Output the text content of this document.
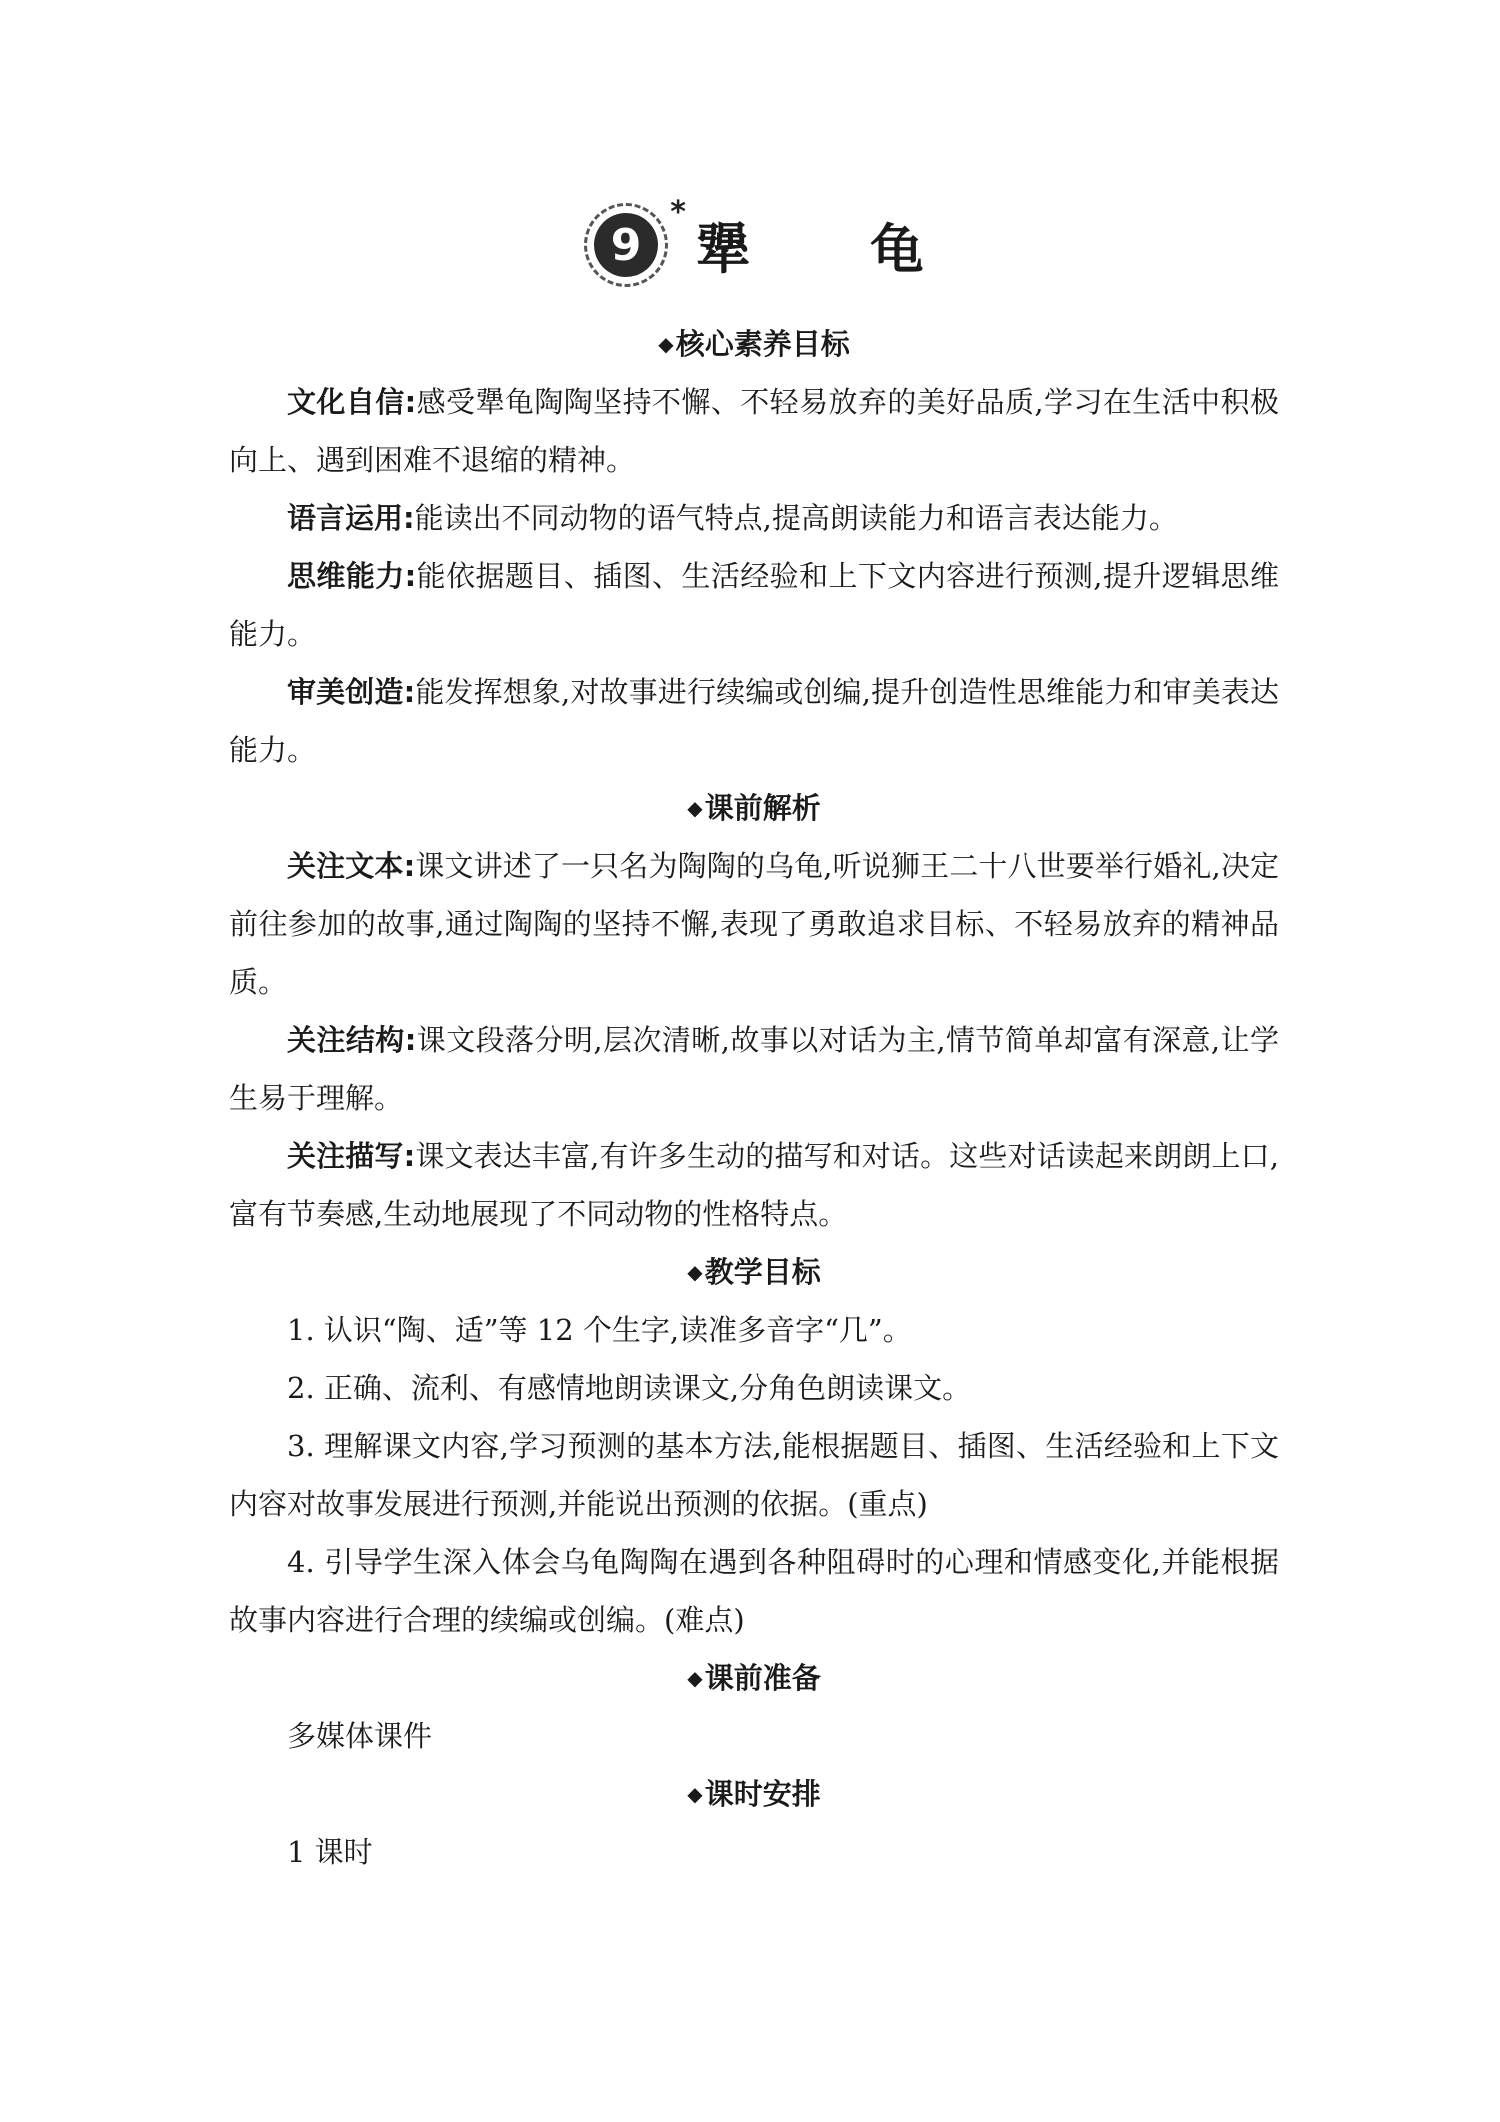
9
*
犟龟
◆核心素养目标

文化自信:感受犟龟陶陶坚持不懈、不轻易放弃的美好品质,学习在生活中积极向上、遇到困难不退缩的精神。

语言运用:能读出不同动物的语气特点,提高朗读能力和语言表达能力。

思维能力:能依据题目、插图、生活经验和上下文内容进行预测,提升逻辑思维能力。

审美创造:能发挥想象,对故事进行续编或创编,提升创造性思维能力和审美表达能力。

◆课前解析

关注文本:课文讲述了一只名为陶陶的乌龟,听说狮王二十八世要举行婚礼,决定前往参加的故事,通过陶陶的坚持不懈,表现了勇敢追求目标、不轻易放弃的精神品质。

关注结构:课文段落分明,层次清晰,故事以对话为主,情节简单却富有深意,让学生易于理解。

关注描写:课文表达丰富,有许多生动的描写和对话。这些对话读起来朗朗上口,富有节奏感,生动地展现了不同动物的性格特点。

◆教学目标

1. 认识“陶、适”等 12 个生字,读准多音字“几”。

2. 正确、流利、有感情地朗读课文,分角色朗读课文。

3. 理解课文内容,学习预测的基本方法,能根据题目、插图、生活经验和上下文内容对故事发展进行预测,并能说出预测的依据。(重点)

4. 引导学生深入体会乌龟陶陶在遇到各种阻碍时的心理和情感变化,并能根据故事内容进行合理的续编或创编。(难点)

◆课前准备

多媒体课件

◆课时安排

1 课时
